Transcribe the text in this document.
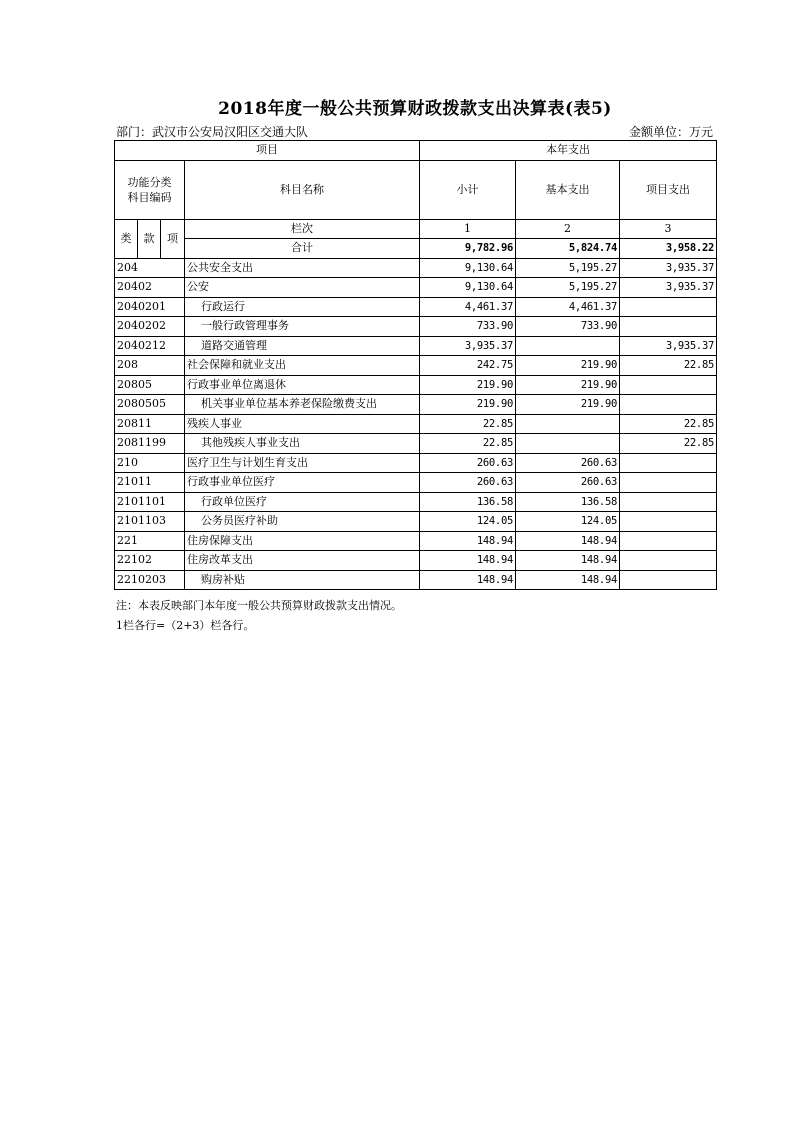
2018年度一般公共预算财政拨款支出决算表(表5)
部门：武汉市公安局汉阳区交通大队	金额单位：万元
项目				本年支出		
功能分类
科目编码			科目名称	小计	基本支出	项目支出
类	款	项	栏次	1	2	3
			合计	9,782.96	5,824.74	3,958.22
204			公共安全支出	9,130.64	5,195.27	3,935.37
20402			公安	9,130.64	5,195.27	3,935.37
2040201			行政运行	4,461.37	4,461.37	
2040202			一般行政管理事务	733.90	733.90	
2040212			道路交通管理	3,935.37		3,935.37
208			社会保障和就业支出	242.75	219.90	22.85
20805			行政事业单位离退休	219.90	219.90	
2080505			机关事业单位基本养老保险缴费支出	219.90	219.90	
20811			残疾人事业	22.85		22.85
2081199			其他残疾人事业支出	22.85		22.85
210			医疗卫生与计划生育支出	260.63	260.63	
21011			行政事业单位医疗	260.63	260.63	
2101101			行政单位医疗	136.58	136.58	
2101103			公务员医疗补助	124.05	124.05	
221			住房保障支出	148.94	148.94	
22102			住房改革支出	148.94	148.94	
2210203			购房补贴	148.94	148.94	
注：本表反映部门本年度一般公共预算财政拨款支出情况。
1栏各行=（2+3）栏各行。
